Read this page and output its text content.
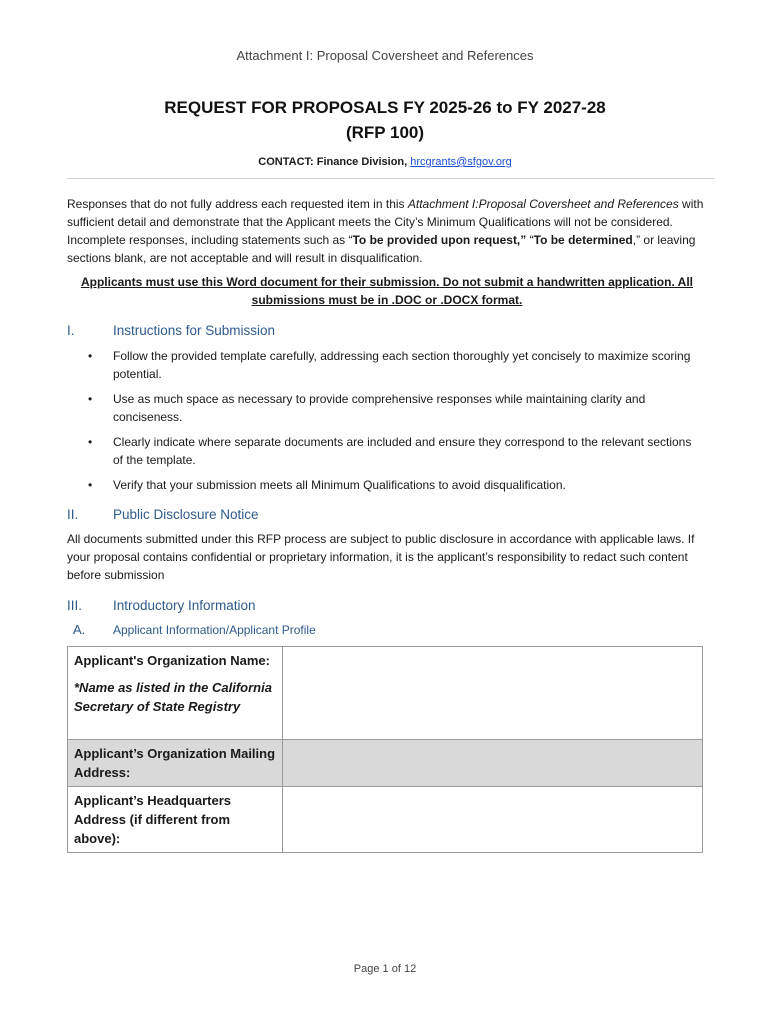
Attachment I: Proposal Coversheet and References
REQUEST FOR PROPOSALS FY 2025-26 to FY 2027-28
(RFP 100)
CONTACT: Finance Division, hrcgrants@sfgov.org
Responses that do not fully address each requested item in this Attachment I:Proposal Coversheet and References with sufficient detail and demonstrate that the Applicant meets the City’s Minimum Qualifications will not be considered. Incomplete responses, including statements such as “To be provided upon request,” “To be determined,” or leaving sections blank, are not acceptable and will result in disqualification.
Applicants must use this Word document for their submission. Do not submit a handwritten application. All submissions must be in .DOC or .DOCX format.
I.	Instructions for Submission
• Follow the provided template carefully, addressing each section thoroughly yet concisely to maximize scoring potential.
• Use as much space as necessary to provide comprehensive responses while maintaining clarity and conciseness.
• Clearly indicate where separate documents are included and ensure they correspond to the relevant sections of the template.
• Verify that your submission meets all Minimum Qualifications to avoid disqualification.
II.	Public Disclosure Notice
All documents submitted under this RFP process are subject to public disclosure in accordance with applicable laws. If your proposal contains confidential or proprietary information, it is the applicant’s responsibility to redact such content before submission
III. Introductory Information
A. Applicant Information/Applicant Profile
Applicant's Organization Name:
*Name as listed in the California Secretary of State Registry	

Applicant’s Organization Mailing Address:	
Applicant’s Headquarters Address (if different from above):	
Page 1 of 12
